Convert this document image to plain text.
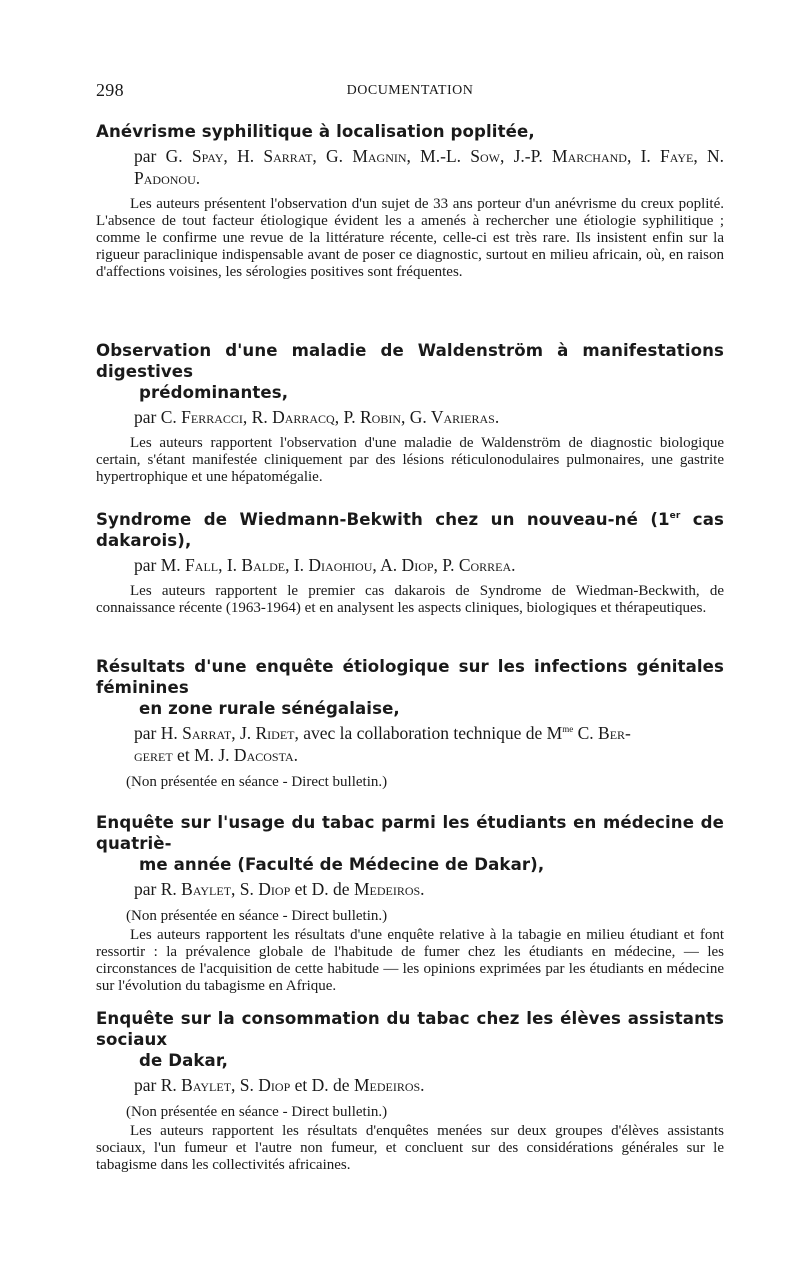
298	DOCUMENTATION
Anévrisme syphilitique à localisation poplitée,
par G. Spay, H. Sarrat, G. Magnin, M.-L. Sow, J.-P. Marchand, I. Faye, N. Padonou.
Les auteurs présentent l'observation d'un sujet de 33 ans porteur d'un anévrisme du creux poplité. L'absence de tout facteur étiologique évident les a amenés à rechercher une étiologie syphilitique ; comme le confirme une revue de la littérature récente, celle-ci est très rare. Ils insistent enfin sur la rigueur paraclinique indispensable avant de poser ce diagnostic, surtout en milieu africain, où, en raison d'affections voisines, les sérologies positives sont fréquentes.
Observation d'une maladie de Waldenström à manifestations digestives
prédominantes,
par C. Ferracci, R. Darracq, P. Robin, G. Varieras.
Les auteurs rapportent l'observation d'une maladie de Waldenström de diagnostic biologique certain, s'étant manifestée cliniquement par des lésions réticulonodulaires pulmonaires, une gastrite hypertrophique et une hépatomégalie.
Syndrome de Wiedmann-Bekwith chez un nouveau-né (1er cas dakarois),
par M. Fall, I. Balde, I. Diaohiou, A. Diop, P. Correa.
Les auteurs rapportent le premier cas dakarois de Syndrome de Wiedman-Beckwith, de connaissance récente (1963-1964) et en analysent les aspects cliniques, biologiques et thérapeutiques.
Résultats d'une enquête étiologique sur les infections génitales féminines
en zone rurale sénégalaise,
par H. Sarrat, J. Ridet, avec la collaboration technique de $M^{me}$ C. Ber-
geret et M. J. Dacosta.
(Non présentée en séance - Direct bulletin.)
Enquête sur l'usage du tabac parmi les étudiants en médecine de quatriè-
me année (Faculté de Médecine de Dakar),
par R. Baylet, S. Diop et D. de Medeiros.
(Non présentée en séance - Direct bulletin.)
Les auteurs rapportent les résultats d'une enquête relative à la tabagie en milieu étudiant et font ressortir : la prévalence globale de l'habitude de fumer chez les étudiants en médecine, — les circonstances de l'acquisition de cette habitude — les opinions exprimées par les étudiants en médecine sur l'évolution du tabagisme en Afrique.
Enquête sur la consommation du tabac chez les élèves assistants sociaux
de Dakar,
par R. Baylet, S. Diop et D. de Medeiros.
(Non présentée en séance - Direct bulletin.)
Les auteurs rapportent les résultats d'enquêtes menées sur deux groupes d'élèves assistants sociaux, l'un fumeur et l'autre non fumeur, et concluent sur des considérations générales sur le tabagisme dans les collectivités africaines.
